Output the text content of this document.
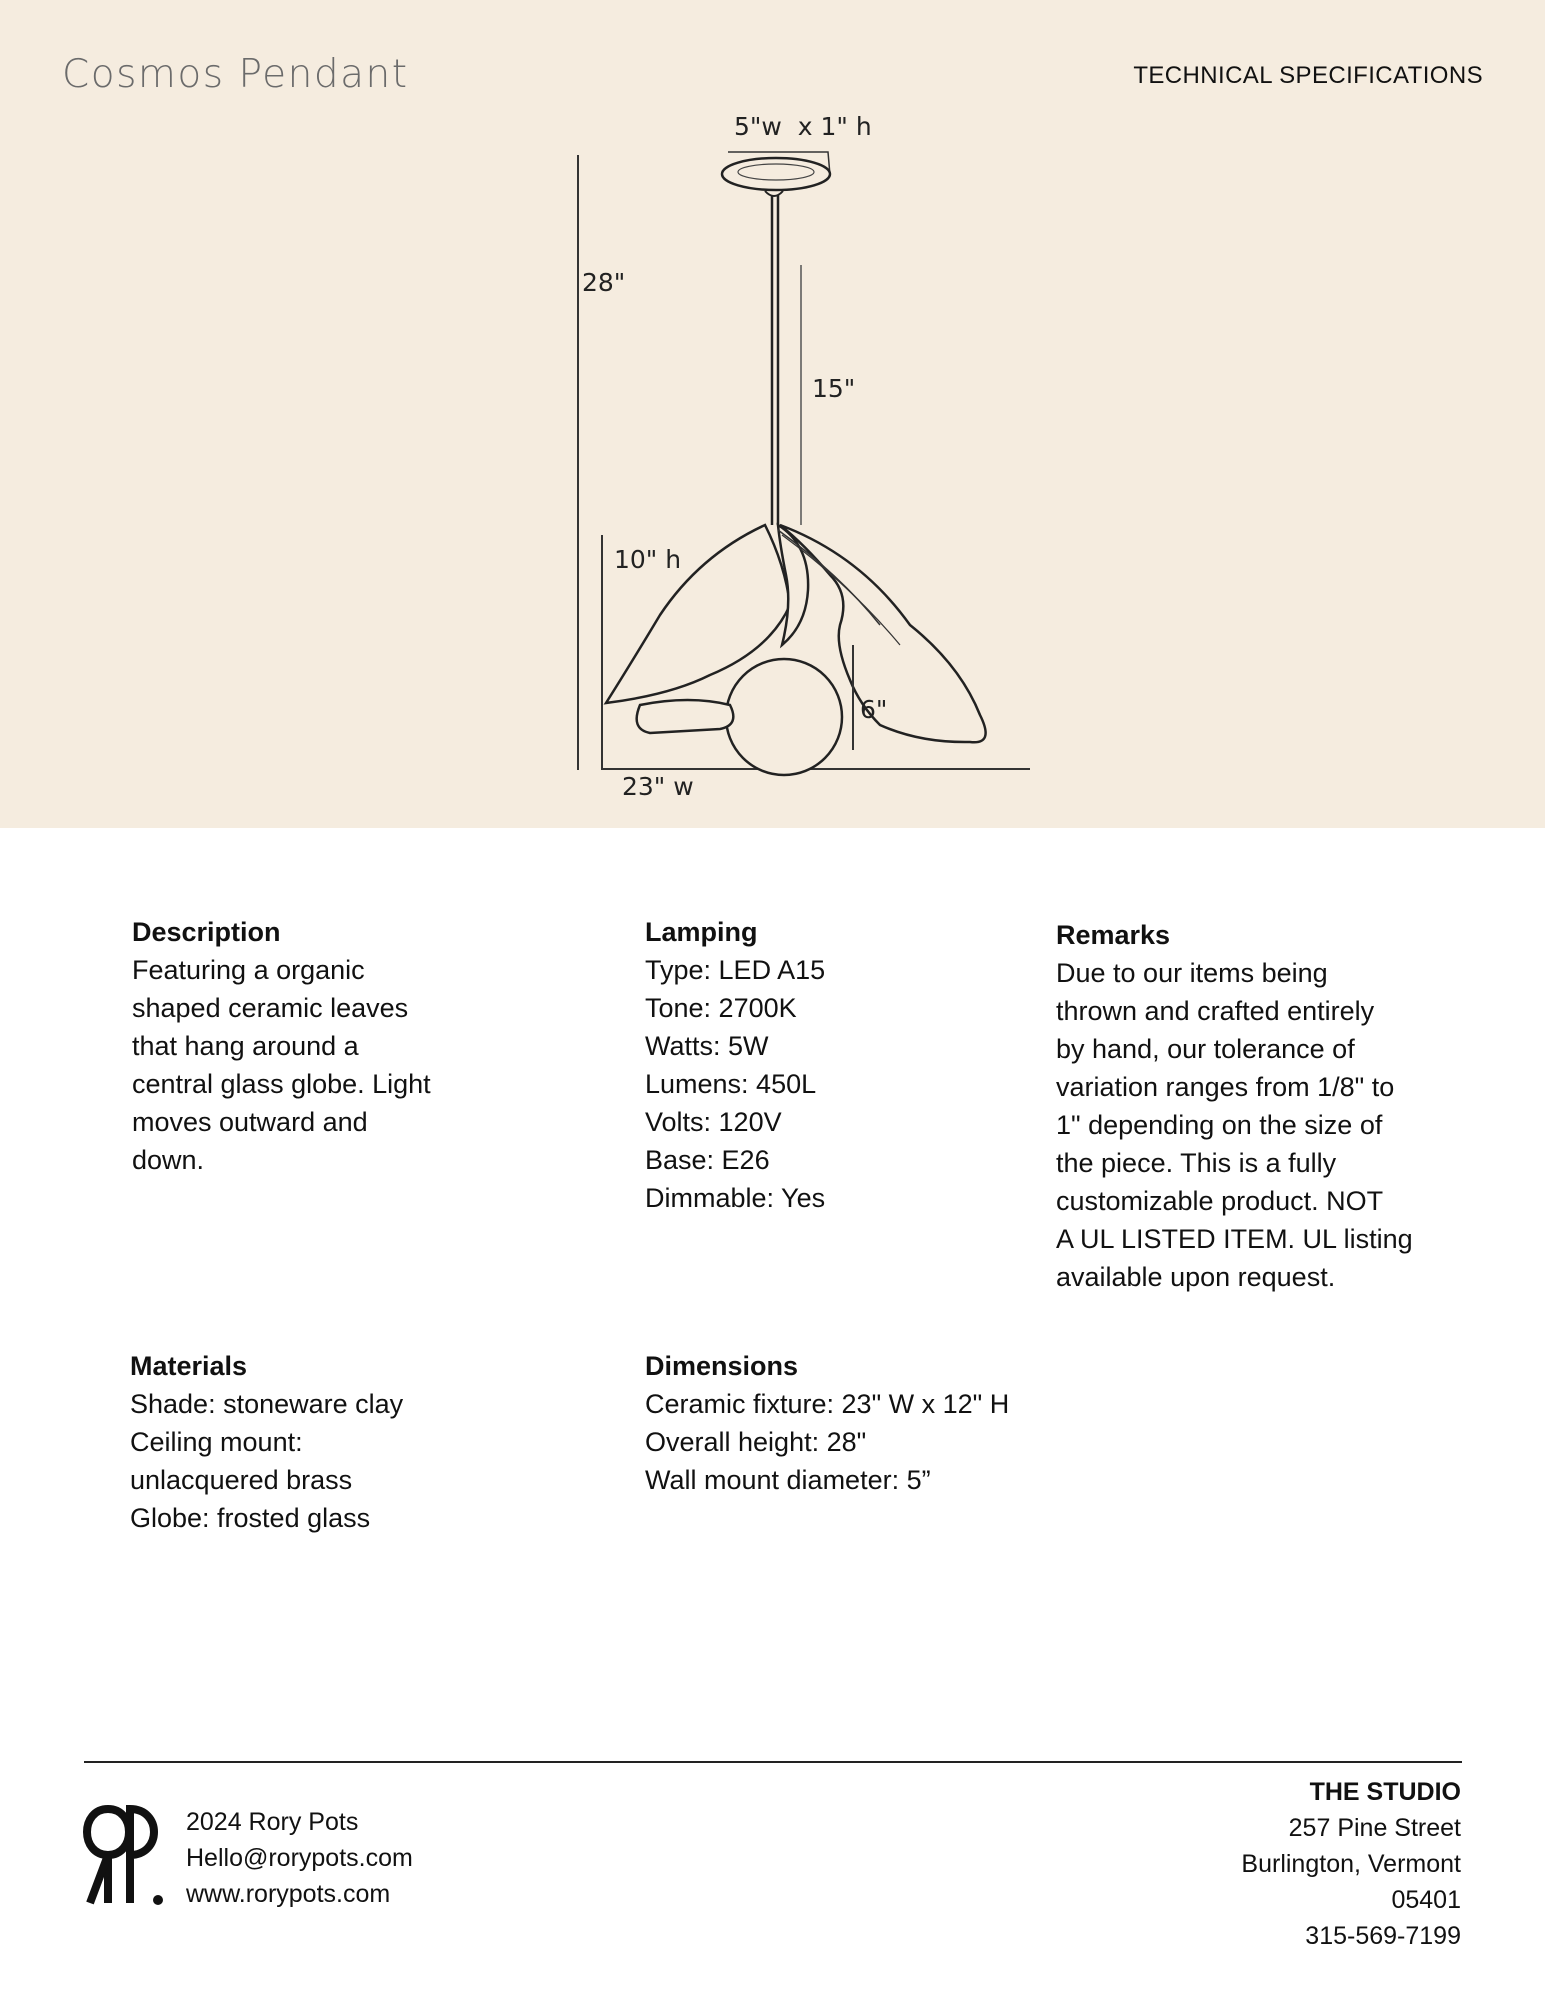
Cosmos Pendant	TECHNICAL SPECIFICATIONS
5"w  x 1" h
28"
15"
10" h
6"
23" w
Description
Featuring a organic
shaped ceramic leaves
that hang around a
central glass globe. Light
moves outward and
down.
Lamping
Type: LED A15
Tone: 2700K
Watts: 5W
Lumens: 450L
Volts: 120V
Base: E26
Dimmable: Yes
Remarks
Due to our items being
thrown and crafted entirely
by hand, our tolerance of
variation ranges from 1/8" to
1" depending on the size of
the piece. This is a fully
customizable product. NOT
A UL LISTED ITEM. UL listing
available upon request.
Materials
Shade: stoneware clay
Ceiling mount:
unlacquered brass
Globe: frosted glass
Dimensions
Ceramic fixture: 23" W x 12" H
Overall height: 28"
Wall mount diameter: 5”
2024 Rory Pots
Hello@rorypots.com
www.rorypots.com
THE STUDIO
257 Pine Street
Burlington, Vermont
05401
315-569-7199
